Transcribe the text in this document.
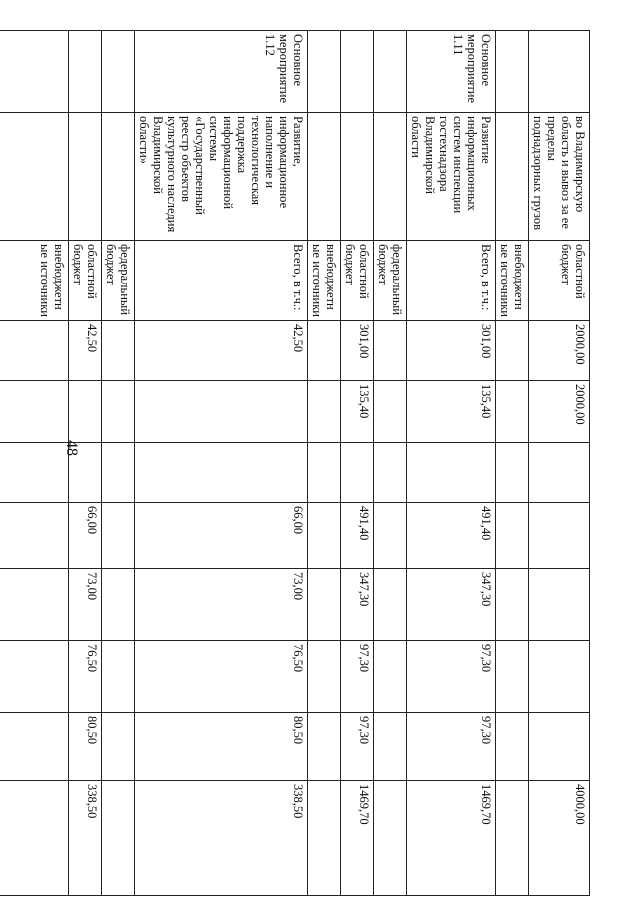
48
	во Владимирскую область и вывоз за ее пределы поднадзорных грузов	областной бюджет	2000,00	2000,00						4000,00
		внебюджетные источники								
Основное мероприятие 1.11	Развитие информационных систем инспекции гостехнадзора Владимирской области	Всего, в т.ч.:	301,00	135,40		491,40	347,30	97,30	97,30	1469,70
		федеральный бюджет								
		областной бюджет	301,00	135,40		491,40	347,30	97,30	97,30	1469,70
		внебюджетные источники								
Основное мероприятие 1.12	Развитие, информационное наполнение и технологическая поддержка информационной системы «Государственный реестр объектов культурного наследия Владимирской области»	Всего, в т.ч.:	42,50			66,00	73,00	76,50	80,50	338,50
		федеральный бюджет								
		областной бюджет	42,50			66,00	73,00	76,50	80,50	338,50
		внебюджетные источники								
